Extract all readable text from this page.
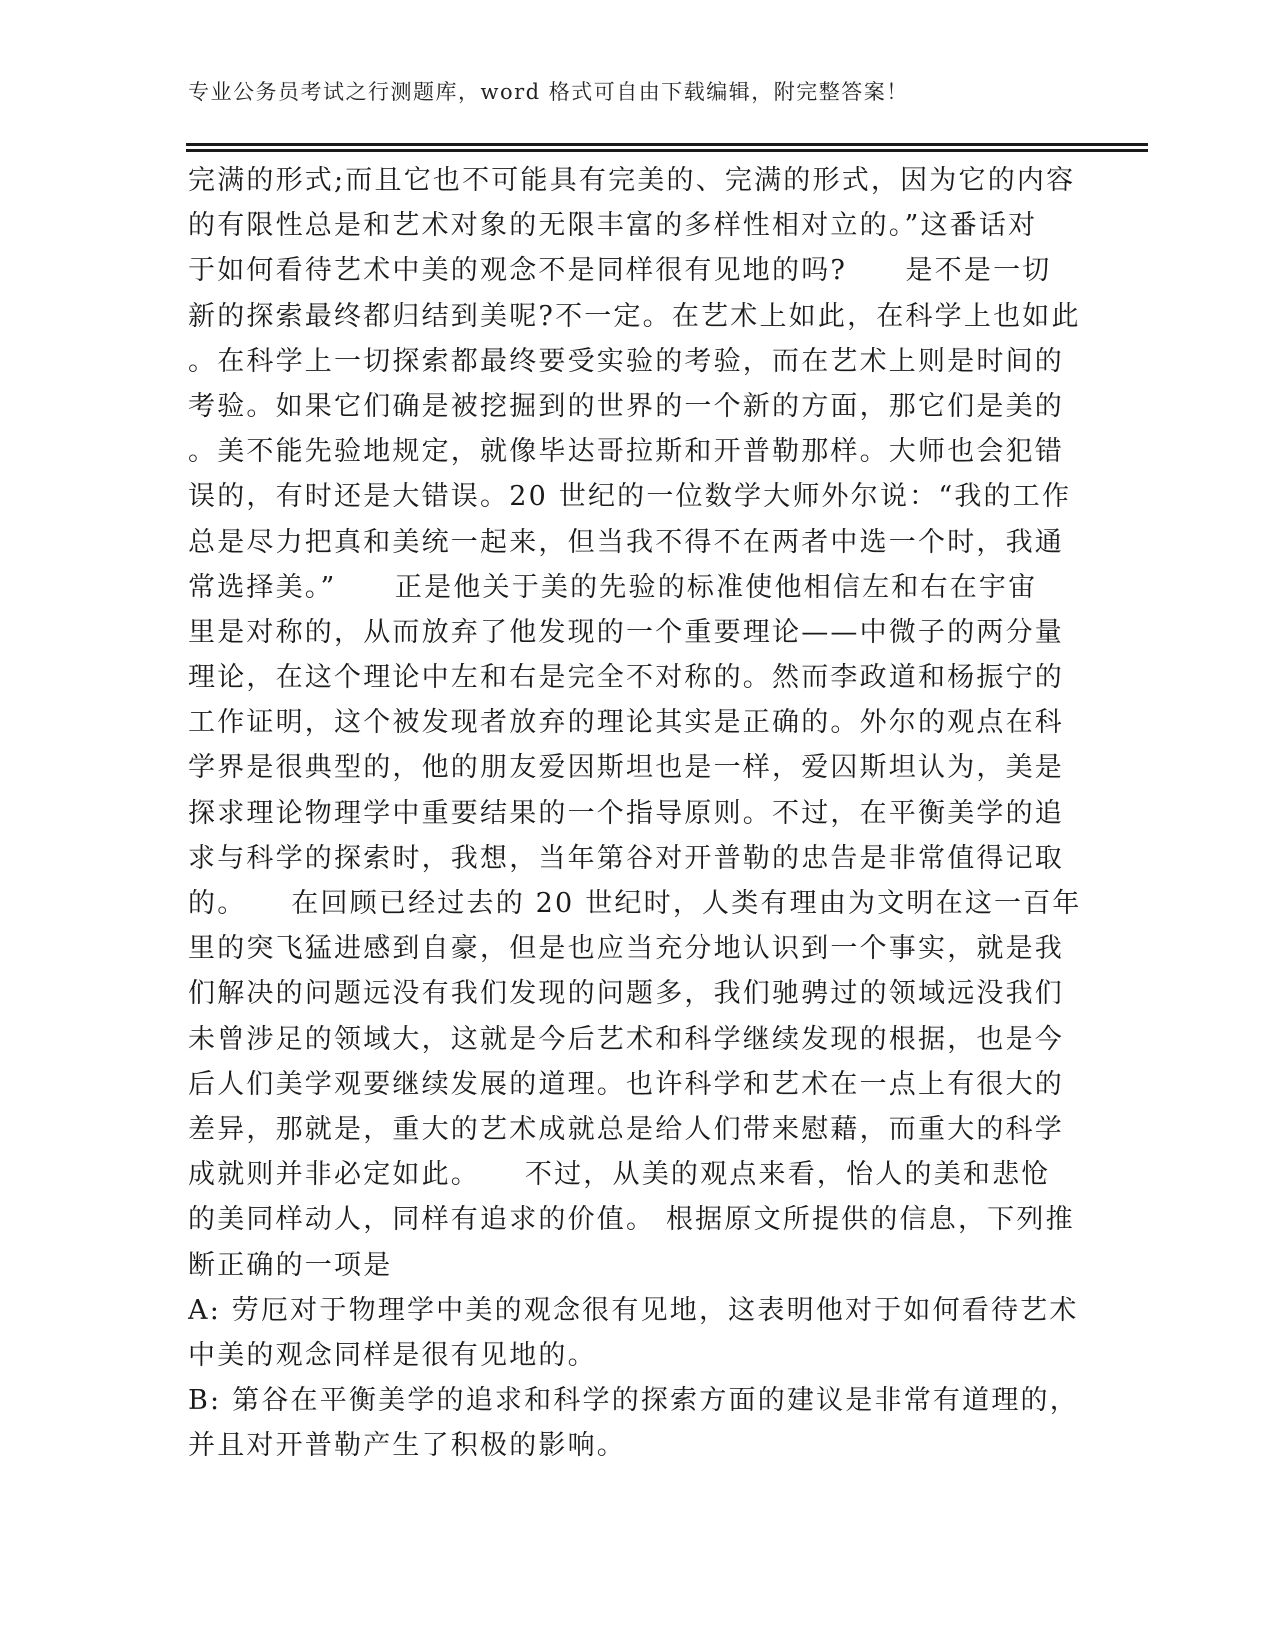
专业公务员考试之行测题库，word 格式可自由下载编辑，附完整答案！
完满的形式;而且它也不可能具有完美的、完满的形式，因为它的内容
的有限性总是和艺术对象的无限丰富的多样性相对立的。”这番话对
于如何看待艺术中美的观念不是同样很有见地的吗?　　是不是一切
新的探索最终都归结到美呢?不一定。在艺术上如此，在科学上也如此
。在科学上一切探索都最终要受实验的考验，而在艺术上则是时间的
考验。如果它们确是被挖掘到的世界的一个新的方面，那它们是美的
。美不能先验地规定，就像毕达哥拉斯和开普勒那样。大师也会犯错
误的，有时还是大错误。20 世纪的一位数学大师外尔说：“我的工作
总是尽力把真和美统一起来，但当我不得不在两者中选一个时，我通
常选择美。”　　正是他关于美的先验的标准使他相信左和右在宇宙
里是对称的，从而放弃了他发现的一个重要理论——中微子的两分量
理论，在这个理论中左和右是完全不对称的。然而李政道和杨振宁的
工作证明，这个被发现者放弃的理论其实是正确的。外尔的观点在科
学界是很典型的，他的朋友爱因斯坦也是一样，爱囚斯坦认为，美是
探求理论物理学中重要结果的一个指导原则。不过，在平衡美学的追
求与科学的探索时，我想，当年第谷对开普勒的忠告是非常值得记取
的。　　在回顾已经过去的 20 世纪时，人类有理由为文明在这一百年
里的突飞猛进感到自豪，但是也应当充分地认识到一个事实，就是我
们解决的问题远没有我们发现的问题多，我们驰骋过的领域远没我们
未曾涉足的领域大，这就是今后艺术和科学继续发现的根据，也是今
后人们美学观要继续发展的道理。也许科学和艺术在一点上有很大的
差异，那就是，重大的艺术成就总是给人们带来慰藉，而重大的科学
成就则并非必定如此。　　不过，从美的观点来看，怡人的美和悲怆
的美同样动人，同样有追求的价值。 根据原文所提供的信息，下列推
断正确的一项是
A: 劳厄对于物理学中美的观念很有见地，这表明他对于如何看待艺术
中美的观念同样是很有见地的。
B: 第谷在平衡美学的追求和科学的探索方面的建议是非常有道理的，
并且对开普勒产生了积极的影响。
